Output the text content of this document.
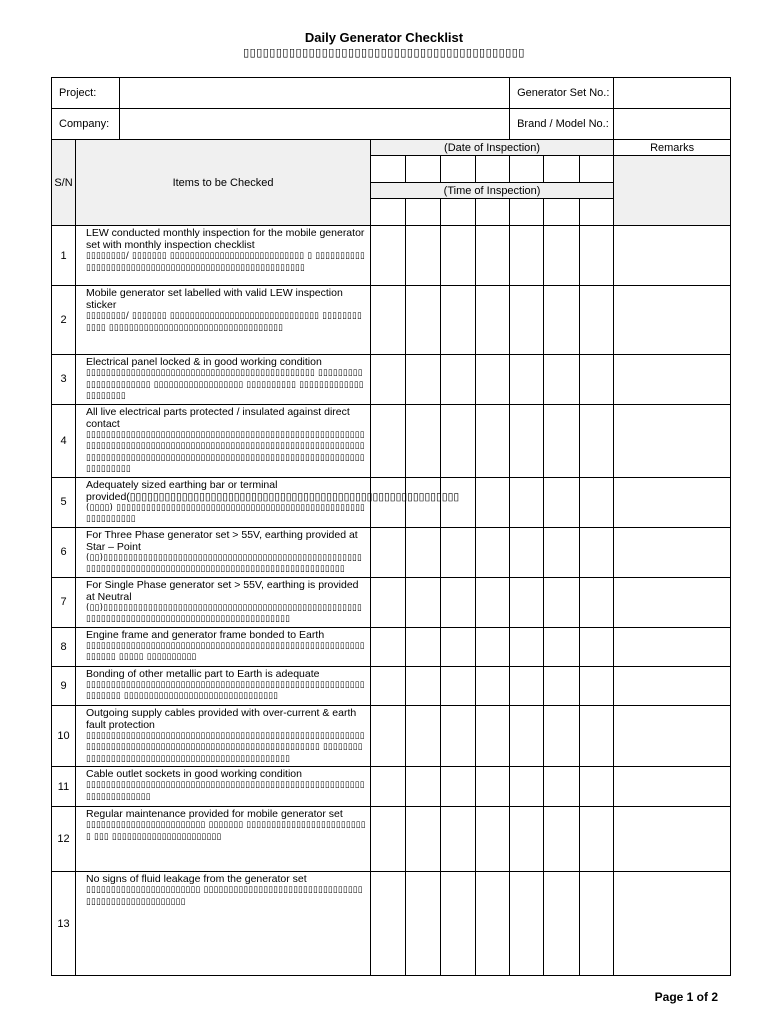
Daily Generator Checklist
▯▯▯▯▯▯▯▯▯▯▯▯▯▯▯▯▯▯▯▯▯▯▯▯▯▯▯▯▯▯▯▯▯▯▯▯▯▯▯▯▯▯▯
Project:							Generator Set No.:			
Company:							Brand / Model No.:			
S/N	Items to be Checked		(Date of Inspection)							Remarks

			(Time of Inspection)							

1	LEW conducted monthly inspection for the mobile generator set with monthly inspection checklist
▯▯▯▯▯▯▯▯/ ▯▯▯▯▯▯▯ ▯▯▯▯▯▯▯▯▯▯▯▯▯▯▯▯▯▯▯▯▯▯▯▯▯▯▯ ▯ ▯▯▯▯▯▯▯▯▯▯▯▯▯▯▯▯▯▯▯▯▯▯▯▯▯▯▯▯▯▯▯▯▯▯▯▯▯▯▯▯▯▯▯▯▯▯▯▯▯▯▯▯▯▯									

2	Mobile generator set labelled with valid LEW inspection sticker
▯▯▯▯▯▯▯▯/ ▯▯▯▯▯▯▯ ▯▯▯▯▯▯▯▯▯▯▯▯▯▯▯▯▯▯▯▯▯▯▯▯▯▯▯▯▯▯ ▯▯▯▯▯▯▯▯▯▯▯▯ ▯▯▯▯▯▯▯▯▯▯▯▯▯▯▯▯▯▯▯▯▯▯▯▯▯▯▯▯▯▯▯▯▯▯▯									

3	Electrical panel locked & in good working condition
▯▯▯▯▯▯▯▯▯▯▯▯▯▯▯▯▯▯▯▯▯▯▯▯▯▯▯▯▯▯▯▯▯▯▯▯▯▯▯▯▯▯▯▯▯▯ ▯▯▯▯▯▯▯▯▯▯▯▯▯▯▯▯▯▯▯▯▯▯ ▯▯▯▯▯▯▯▯▯▯▯▯▯▯▯▯▯▯ ▯▯▯▯▯▯▯▯▯▯ ▯▯▯▯▯▯▯▯▯▯▯▯▯▯▯▯▯▯▯▯▯									

4	All live electrical parts protected / insulated against direct contact
▯▯▯▯▯▯▯▯▯▯▯▯▯▯▯▯▯▯▯▯▯▯▯▯▯▯▯▯▯▯▯▯▯▯▯▯▯▯▯▯▯▯▯▯▯▯▯▯▯▯▯▯▯▯▯▯▯▯▯▯▯▯▯▯▯▯▯▯▯▯▯▯▯▯▯▯▯▯▯▯▯▯▯▯▯▯▯▯▯▯▯▯▯▯▯▯▯▯▯▯▯▯▯▯▯▯▯▯▯▯▯▯▯▯▯▯▯▯▯▯▯▯▯▯▯▯▯▯▯▯▯▯▯▯▯▯▯▯▯▯▯▯▯▯▯▯▯▯▯▯▯▯▯▯▯▯▯▯▯▯▯▯▯▯▯▯▯▯▯▯▯▯▯▯▯▯▯									

5	Adequately sized earthing bar or terminal provided(▯▯▯▯▯▯▯▯▯▯▯▯▯▯▯▯▯▯▯▯▯▯▯▯▯▯▯▯▯▯▯▯▯▯▯▯▯▯▯▯▯▯▯▯▯▯▯▯▯▯▯▯▯▯▯▯▯
(▯▯▯▯) ▯▯▯▯▯▯▯▯▯▯▯▯▯▯▯▯▯▯▯▯▯▯▯▯▯▯▯▯▯▯▯▯▯▯▯▯▯▯▯▯▯▯▯▯▯▯▯▯▯▯▯▯▯▯▯▯▯▯▯▯									

6	For Three Phase generator set > 55V, earthing provided at Star – Point
(▯▯)▯▯▯▯▯▯▯▯▯▯▯▯▯▯▯▯▯▯▯▯▯▯▯▯▯▯▯▯▯▯▯▯▯▯▯▯▯▯▯▯▯▯▯▯▯▯▯▯▯▯▯▯▯▯▯▯▯▯▯▯▯▯▯▯▯▯▯▯▯▯▯▯▯▯▯▯▯▯▯▯▯▯▯▯▯▯▯▯▯▯▯▯▯▯▯▯▯▯▯▯▯▯▯▯									

7	For Single Phase generator set > 55V, earthing is provided at Neutral
(▯▯)▯▯▯▯▯▯▯▯▯▯▯▯▯▯▯▯▯▯▯▯▯▯▯▯▯▯▯▯▯▯▯▯▯▯▯▯▯▯▯▯▯▯▯▯▯▯▯▯▯▯▯▯▯▯▯▯▯▯▯▯▯▯▯▯▯▯▯▯▯▯▯▯▯▯▯▯▯▯▯▯▯▯▯▯▯▯▯▯▯▯▯▯▯									

8	Engine frame and generator frame bonded to Earth
▯▯▯▯▯▯▯▯▯▯▯▯▯▯▯▯▯▯▯▯▯▯▯▯▯▯▯▯▯▯▯▯▯▯▯▯▯▯▯▯▯▯▯▯▯▯▯▯▯▯▯▯▯▯▯▯▯▯▯▯▯▯ ▯▯▯▯▯ ▯▯▯▯▯▯▯▯▯▯									

9	Bonding of other metallic part to Earth is adequate
▯▯▯▯▯▯▯▯▯▯▯▯▯▯▯▯▯▯▯▯▯▯▯▯▯▯▯▯▯▯▯▯▯▯▯▯▯▯▯▯▯▯▯▯▯▯▯▯▯▯▯▯▯▯▯▯▯▯▯▯▯▯▯ ▯▯▯▯▯▯▯▯▯▯▯▯▯▯▯▯▯▯▯▯▯▯▯▯▯▯▯▯▯▯▯									

10	Outgoing supply cables provided with over-current & earth fault protection
▯▯▯▯▯▯▯▯▯▯▯▯▯▯▯▯▯▯▯▯▯▯▯▯▯▯▯▯▯▯▯▯▯▯▯▯▯▯▯▯▯▯▯▯▯▯▯▯▯▯▯▯▯▯▯▯▯▯▯▯▯▯▯▯▯▯▯▯▯▯▯▯▯▯▯▯▯▯▯▯▯▯▯▯▯▯▯▯▯▯▯▯▯▯▯▯▯▯▯▯▯▯▯ ▯▯▯▯▯▯▯▯▯▯▯▯▯▯▯▯▯▯▯▯▯▯▯▯▯▯▯▯▯▯▯▯▯▯▯▯▯▯▯▯▯▯▯▯▯▯▯▯▯									

11	Cable outlet sockets in good working condition
▯▯▯▯▯▯▯▯▯▯▯▯▯▯▯▯▯▯▯▯▯▯▯▯▯▯▯▯▯▯▯▯▯▯▯▯▯▯▯▯▯▯▯▯▯▯▯▯▯▯▯▯▯▯▯▯▯▯▯▯▯▯▯▯▯▯▯▯▯									

12	Regular maintenance provided for mobile generator set
▯▯▯▯▯▯▯▯▯▯▯▯▯▯▯▯▯▯▯▯▯▯▯▯ ▯▯▯▯▯▯▯ ▯▯▯▯▯▯▯▯▯▯▯▯▯▯▯▯▯▯▯▯▯▯▯▯▯ ▯▯▯ ▯▯▯▯▯▯▯▯▯▯▯▯▯▯▯▯▯▯▯▯▯▯									

13	No signs of fluid leakage from the generator set
▯▯▯▯▯▯▯▯▯▯▯▯▯▯▯▯▯▯▯▯▯▯▯ ▯▯▯▯▯▯▯▯▯▯▯▯▯▯▯▯▯▯▯▯▯▯▯▯▯▯▯▯▯▯▯▯▯▯▯▯▯▯▯▯▯▯▯▯▯▯▯▯▯▯▯▯									

Page 1 of 2
